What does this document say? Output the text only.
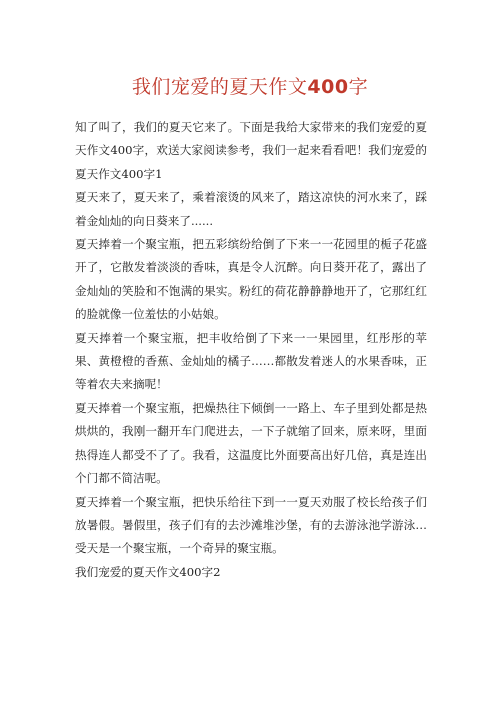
我们宠爱的夏天作文400字

知了叫了，我们的夏天它来了。下面是我给大家带来的我们宠爱的夏天作文400字，欢送大家阅读参考，我们一起来看看吧！我们宠爱的夏天作文400字1

夏天来了，夏天来了，乘着滚烫的风来了，踏这凉快的河水来了，踩着金灿灿的向日葵来了......

夏天捧着一个聚宝瓶，把五彩缤纷给倒了下来一一花园里的栀子花盛开了，它散发着淡淡的香味，真是令人沉醉。向日葵开花了，露出了金灿灿的笑脸和不饱满的果实。粉红的荷花静静静地开了，它那红红的脸就像一位羞怯的小姑娘。

夏天捧着一个聚宝瓶，把丰收给倒了下来一一果园里，红彤彤的苹果、黄橙橙的香蕉、金灿灿的橘子……都散发着迷人的水果香味，正等着农夫来摘呢！

夏天捧着一个聚宝瓶，把燥热往下倾倒一一路上、车子里到处都是热烘烘的，我刚一翻开车门爬进去，一下子就缩了回来，原来呀，里面热得连人都受不了了。我看，这温度比外面要高出好几倍，真是连出个门都不简洁呢。

夏天捧着一个聚宝瓶，把快乐给往下到一一夏天劝服了校长给孩子们放暑假。暑假里，孩子们有的去沙滩堆沙堡，有的去游泳池学游泳…受天是一个聚宝瓶，一个奇异的聚宝瓶。

我们宠爱的夏天作文400字2
